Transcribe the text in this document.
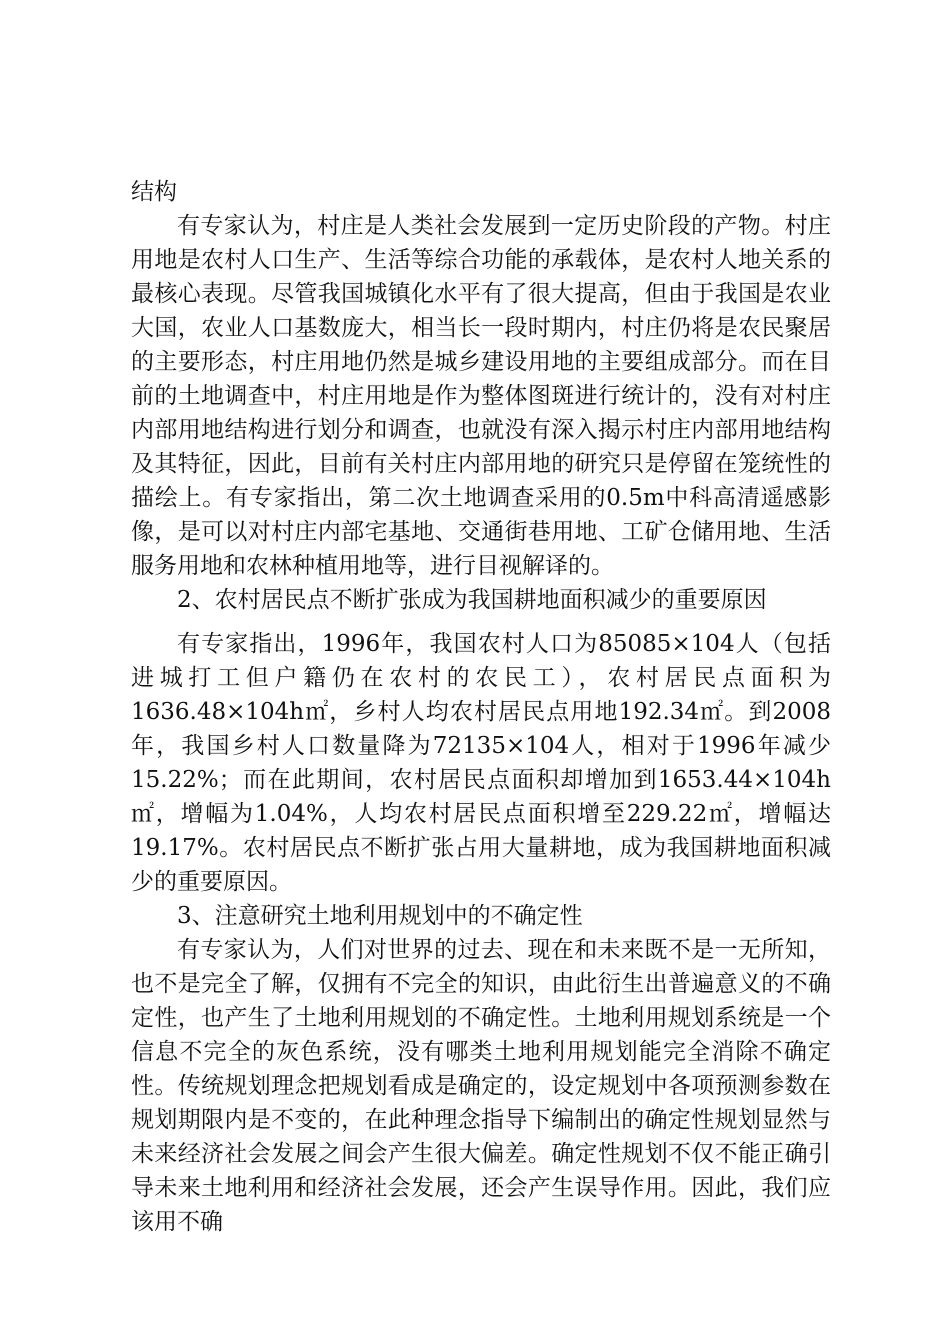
结构

有专家认为，村庄是人类社会发展到一定历史阶段的产物。村庄用地是农村人口生产、生活等综合功能的承载体，是农村人地关系的最核心表现。尽管我国城镇化水平有了很大提高，但由于我国是农业大国，农业人口基数庞大，相当长一段时期内，村庄仍将是农民聚居的主要形态，村庄用地仍然是城乡建设用地的主要组成部分。而在目前的土地调查中，村庄用地是作为整体图斑进行统计的，没有对村庄内部用地结构进行划分和调查，也就没有深入揭示村庄内部用地结构及其特征，因此，目前有关村庄内部用地的研究只是停留在笼统性的描绘上。有专家指出，第二次土地调查采用的0.5m中科高清遥感影像，是可以对村庄内部宅基地、交通街巷用地、工矿仓储用地、生活服务用地和农林种植用地等，进行目视解译的。

2、农村居民点不断扩张成为我国耕地面积减少的重要原因

有专家指出，1996年，我国农村人口为85085×104人（包括进城打工但户籍仍在农村的农民工），农村居民点面积为1636.48×104h㎡，乡村人均农村居民点用地192.34㎡。到2008年，我国乡村人口数量降为72135×104人，相对于1996年减少15.22%；而在此期间，农村居民点面积却增加到1653.44×104h㎡，增幅为1.04%，人均农村居民点面积增至229.22㎡，增幅达19.17%。农村居民点不断扩张占用大量耕地，成为我国耕地面积减少的重要原因。

3、注意研究土地利用规划中的不确定性

有专家认为，人们对世界的过去、现在和未来既不是一无所知，也不是完全了解，仅拥有不完全的知识，由此衍生出普遍意义的不确定性，也产生了土地利用规划的不确定性。土地利用规划系统是一个信息不完全的灰色系统，没有哪类土地利用规划能完全消除不确定性。传统规划理念把规划看成是确定的，设定规划中各项预测参数在规划期限内是不变的，在此种理念指导下编制出的确定性规划显然与未来经济社会发展之间会产生很大偏差。确定性规划不仅不能正确引导未来土地利用和经济社会发展，还会产生误导作用。因此，我们应该用不确
